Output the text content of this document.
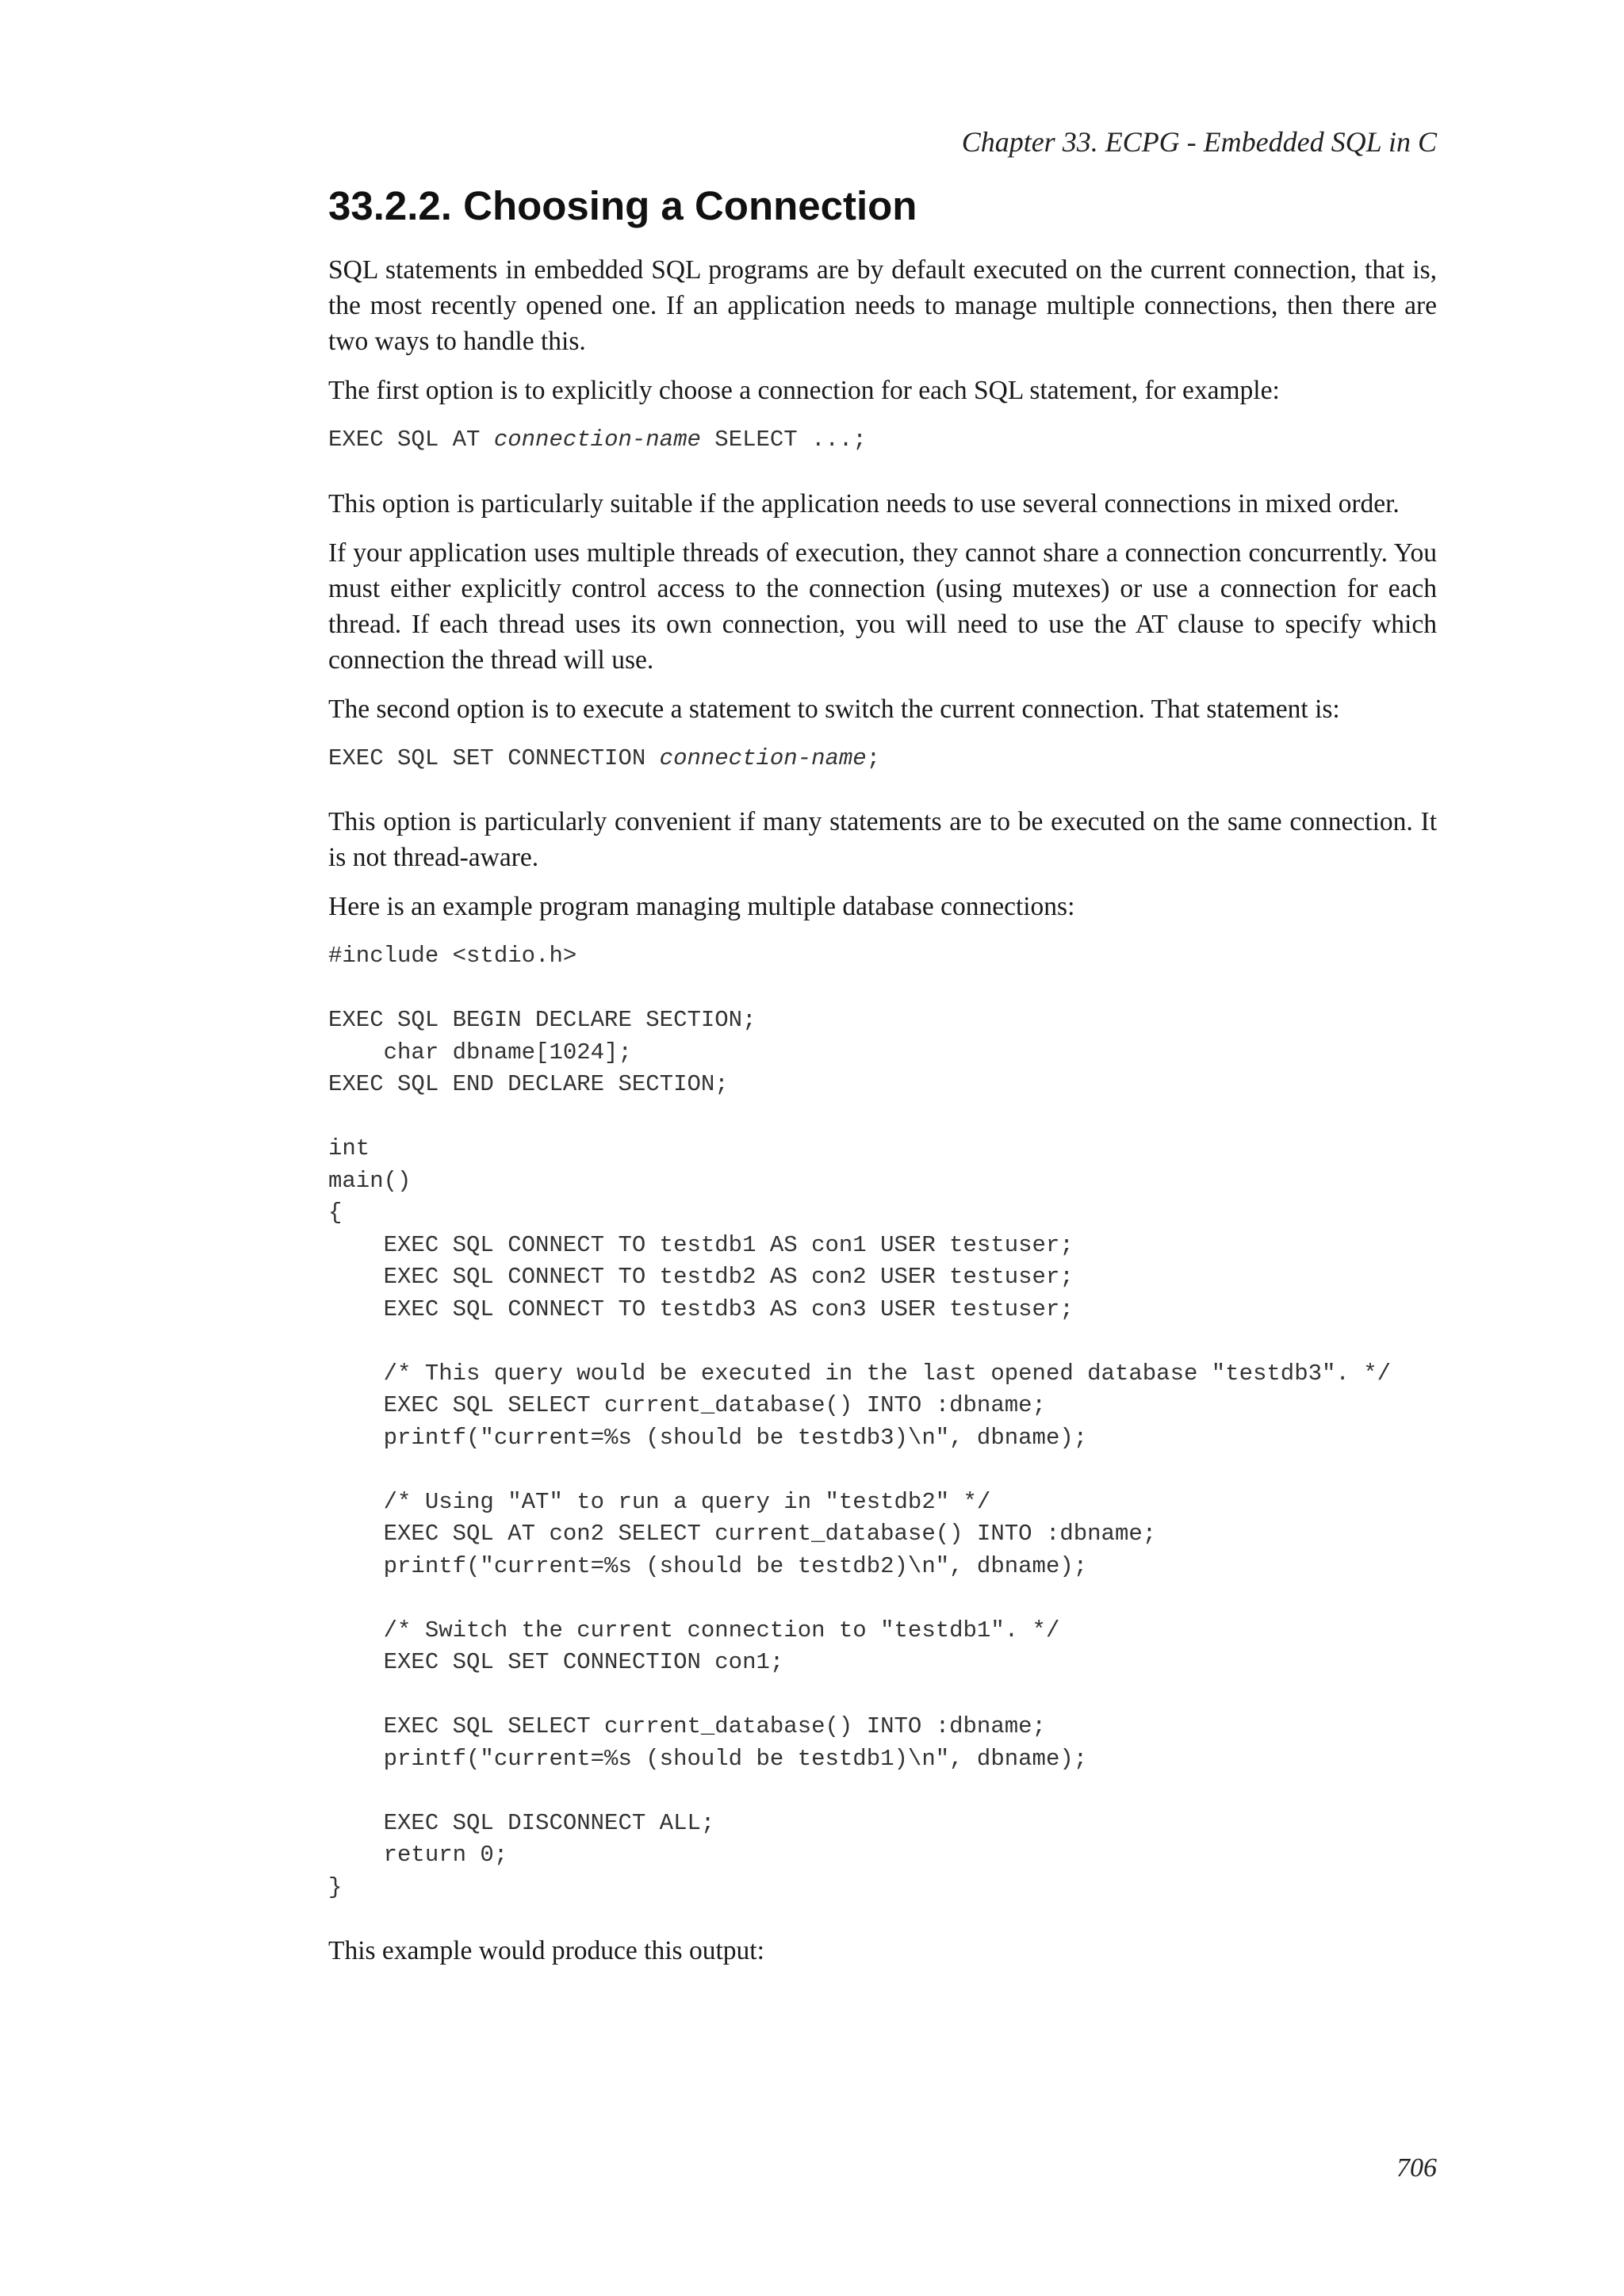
Chapter 33. ECPG - Embedded SQL in C
33.2.2. Choosing a Connection

SQL statements in embedded SQL programs are by default executed on the current connection, that is, the most recently opened one. If an application needs to manage multiple connections, then there are two ways to handle this.

The first option is to explicitly choose a connection for each SQL statement, for example:

EXEC SQL AT connection-name SELECT ...;

This option is particularly suitable if the application needs to use several connections in mixed order.

If your application uses multiple threads of execution, they cannot share a connection concurrently. You must either explicitly control access to the connection (using mutexes) or use a connection for each thread. If each thread uses its own connection, you will need to use the AT clause to specify which connection the thread will use.

The second option is to execute a statement to switch the current connection. That statement is:

EXEC SQL SET CONNECTION connection-name;

This option is particularly convenient if many statements are to be executed on the same connection. It is not thread-aware.

Here is an example program managing multiple database connections:

#include <stdio.h>

EXEC SQL BEGIN DECLARE SECTION;

char dbname[1024];

EXEC SQL END DECLARE SECTION;

int

main()

{

EXEC SQL CONNECT TO testdb1 AS con1 USER testuser;

EXEC SQL CONNECT TO testdb2 AS con2 USER testuser;

EXEC SQL CONNECT TO testdb3 AS con3 USER testuser;

/* This query would be executed in the last opened database "testdb3". */

EXEC SQL SELECT current_database() INTO :dbname;

printf("current=%s (should be testdb3)\n", dbname);

/* Using "AT" to run a query in "testdb2" */

EXEC SQL AT con2 SELECT current_database() INTO :dbname;

printf("current=%s (should be testdb2)\n", dbname);

/* Switch the current connection to "testdb1". */

EXEC SQL SET CONNECTION con1;

EXEC SQL SELECT current_database() INTO :dbname;

printf("current=%s (should be testdb1)\n", dbname);

EXEC SQL DISCONNECT ALL;

return 0;

}

This example would produce this output:

706
